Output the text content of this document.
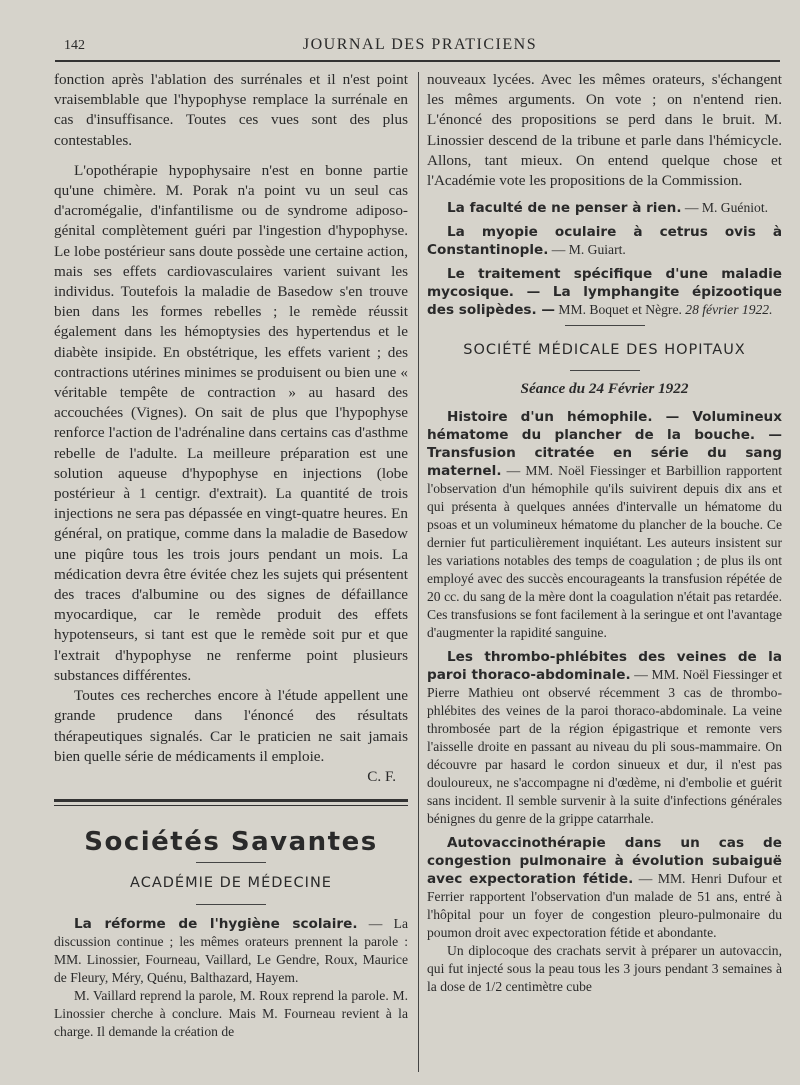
142	JOURNAL DES PRATICIENS

fonction après l'ablation des surrénales et il n'est point vraisemblable que l'hypophyse remplace la surrénale en cas d'insuffisance. Toutes ces vues sont des plus contestables.

L'opothérapie hypophysaire n'est en bonne partie qu'une chimère. M. Porak n'a point vu un seul cas d'acromégalie, d'infantilisme ou de syndrome adiposo-génital complètement guéri par l'ingestion d'hypophyse. Le lobe postérieur sans doute possède une certaine action, mais ses effets cardiovasculaires varient suivant les individus. Toutefois la maladie de Basedow s'en trouve bien dans les formes rebelles ; le remède réussit également dans les hémoptysies des hypertendus et le diabète insipide. En obstétrique, les effets varient ; des contractions utérines minimes se produisent ou bien une « véritable tempête de contraction » au hasard des accouchées (Vignes). On sait de plus que l'hypophyse renforce l'action de l'adrénaline dans certains cas d'asthme rebelle de l'adulte. La meilleure préparation est une solution aqueuse d'hypophyse en injections (lobe postérieur à 1 centigr. d'extrait). La quantité de trois injections ne sera pas dépassée en vingt-quatre heures. En général, on pratique, comme dans la maladie de Basedow une piqûre tous les trois jours pendant un mois. La médication devra être évitée chez les sujets qui présentent des traces d'albumine ou des signes de défaillance myocardique, car le remède produit des effets hypotenseurs, si tant est que le remède soit pur et que l'extrait d'hypophyse ne renferme point plusieurs substances différentes.

Toutes ces recherches encore à l'étude appellent une grande prudence dans l'énoncé des résultats thérapeutiques signalés. Car le praticien ne sait jamais bien quelle série de médicaments il emploie.

C. F.

Sociétés Savantes
ACADÉMIE DE MÉDECINE

La réforme de l'hygiène scolaire. — La discussion continue ; les mêmes orateurs prennent la parole : MM. Linossier, Fourneau, Vaillard, Le Gendre, Roux, Maurice de Fleury, Méry, Quénu, Balthazard, Hayem.

M. Vaillard reprend la parole, M. Roux reprend la parole. M. Linossier cherche à conclure. Mais M. Fourneau revient à la charge. Il demande la création de

nouveaux lycées. Avec les mêmes orateurs, s'échangent les mêmes arguments. On vote ; on n'entend rien. L'énoncé des propositions se perd dans le bruit. M. Linossier descend de la tribune et parle dans l'hémicycle. Allons, tant mieux. On entend quelque chose et l'Académie vote les propositions de la Commission.

La faculté de ne penser à rien. — M. Guéniot.

La myopie oculaire à cetrus ovis à Constantinople. — M. Guiart.

Le traitement spécifique d'une maladie mycosique. — La lymphangite épizootique des solipèdes. — MM. Boquet et Nègre. 28 février 1922.

SOCIÉTÉ MÉDICALE DES HOPITAUX
Séance du 24 Février 1922

Histoire d'un hémophile. — Volumineux hématome du plancher de la bouche. — Transfusion citratée en série du sang maternel. — MM. Noël Fiessinger et Barbillion rapportent l'observation d'un hémophile qu'ils suivirent depuis dix ans et qui présenta à quelques années d'intervalle un hématome du psoas et un volumineux hématome du plancher de la bouche. Ce dernier fut particulièrement inquiétant. Les auteurs insistent sur les variations notables des temps de coagulation ; de plus ils ont employé avec des succès encourageants la transfusion répétée de 20 cc. du sang de la mère dont la coagulation n'était pas retardée. Ces transfusions se font facilement à la seringue et ont l'avantage d'augmenter la rapidité sanguine.

Les thrombo-phlébites des veines de la paroi thoraco-abdominale. — MM. Noël Fiessinger et Pierre Mathieu ont observé récemment 3 cas de thrombo-phlébites des veines de la paroi thoraco-abdominale. La veine thrombosée part de la région épigastrique et remonte vers l'aisselle droite en passant au niveau du pli sous-mammaire. On découvre par hasard le cordon sinueux et dur, il n'est pas douloureux, ne s'accompagne ni d'œdème, ni d'embolie et guérit sans incident. Il semble survenir à la suite d'infections générales bénignes du genre de la grippe catarrhale.

Autovaccinothérapie dans un cas de congestion pulmonaire à évolution subaiguë avec expectoration fétide. — MM. Henri Dufour et Ferrier rapportent l'observation d'un malade de 51 ans, entré à l'hôpital pour un foyer de congestion pleuro-pulmonaire du poumon droit avec expectoration fétide et abondante.

Un diplocoque des crachats servit à préparer un autovaccin, qui fut injecté sous la peau tous les 3 jours pendant 3 semaines à la dose de 1/2 centimètre cube
